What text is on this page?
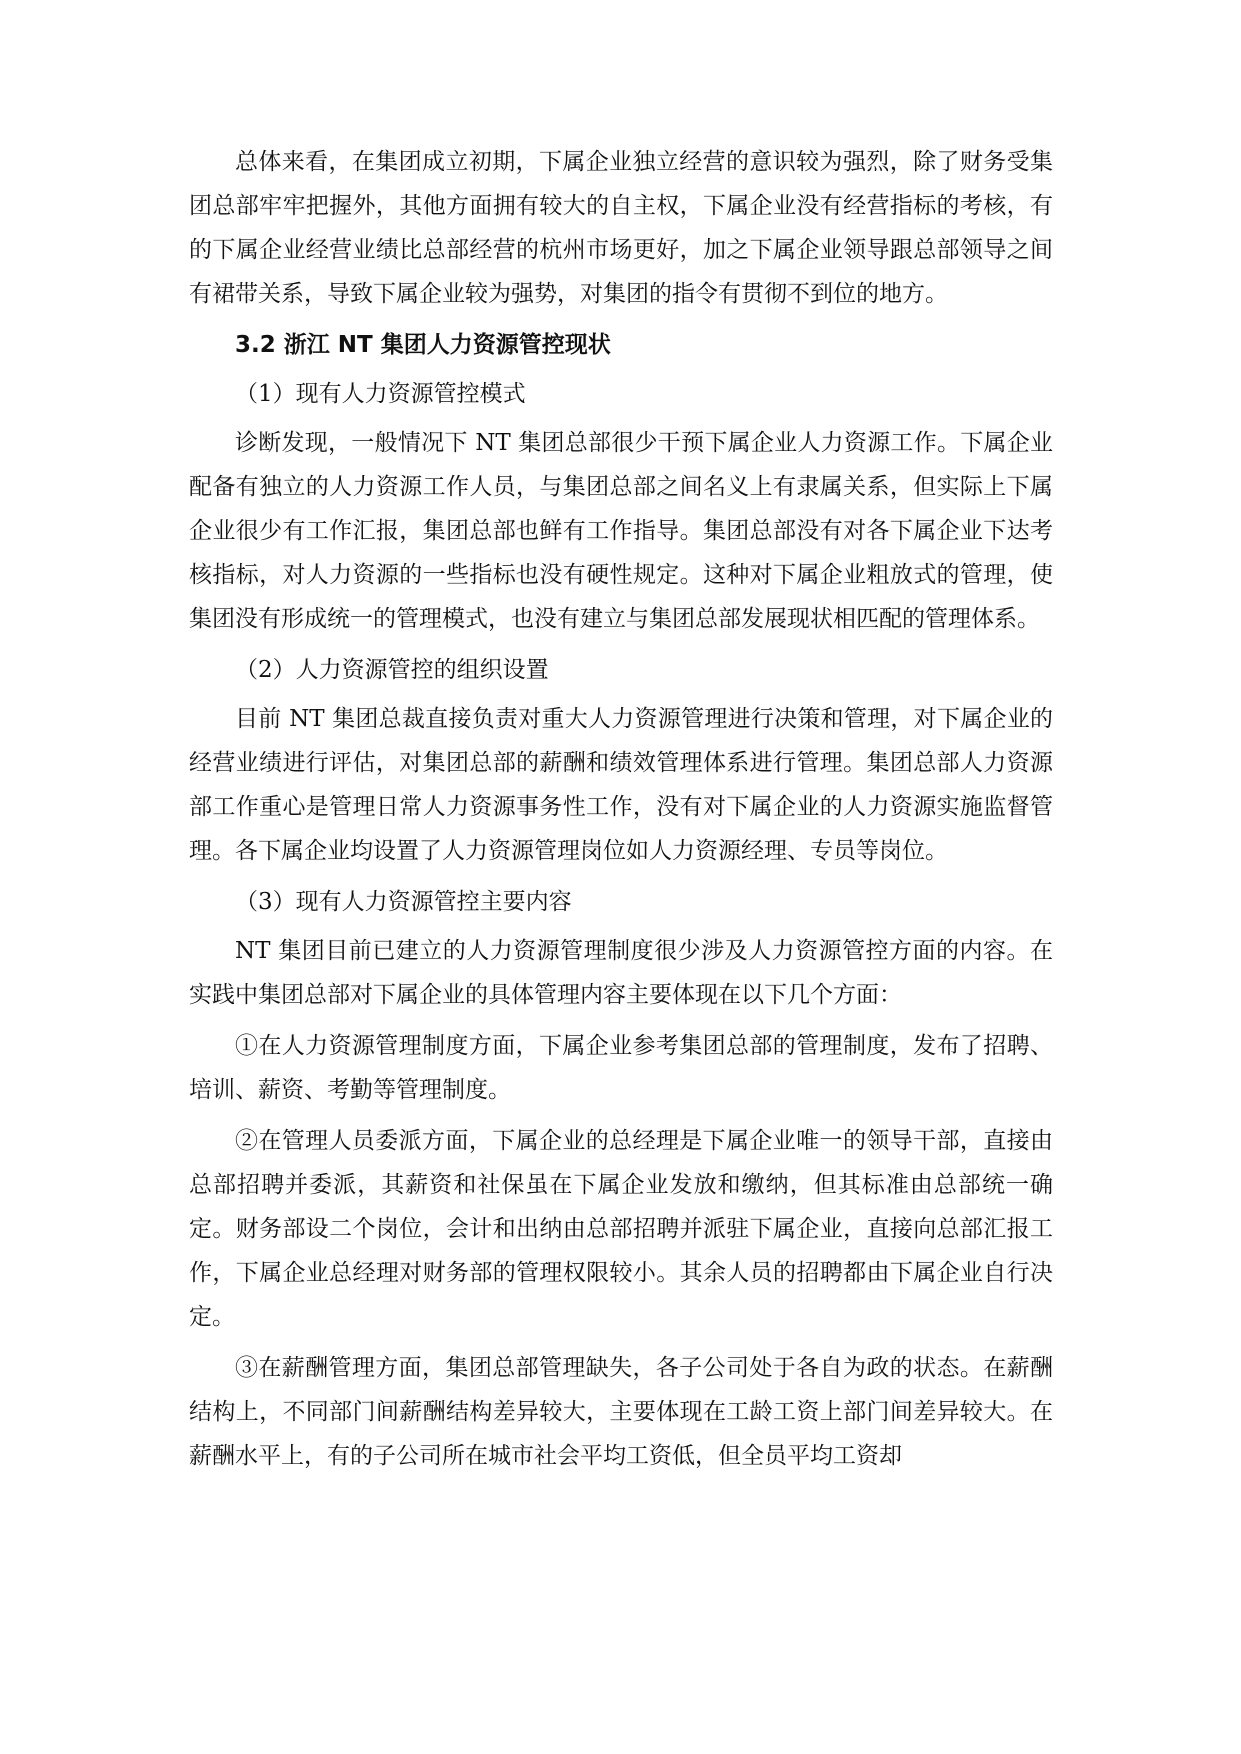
总体来看，在集团成立初期，下属企业独立经营的意识较为强烈，除了财务受集团总部牢牢把握外，其他方面拥有较大的自主权，下属企业没有经营指标的考核，有的下属企业经营业绩比总部经营的杭州市场更好，加之下属企业领导跟总部领导之间有裙带关系，导致下属企业较为强势，对集团的指令有贯彻不到位的地方。

3.2 浙江 NT 集团人力资源管控现状
（1）现有人力资源管控模式

诊断发现，一般情况下 NT 集团总部很少干预下属企业人力资源工作。下属企业配备有独立的人力资源工作人员，与集团总部之间名义上有隶属关系，但实际上下属企业很少有工作汇报，集团总部也鲜有工作指导。集团总部没有对各下属企业下达考核指标，对人力资源的一些指标也没有硬性规定。这种对下属企业粗放式的管理，使集团没有形成统一的管理模式，也没有建立与集团总部发展现状相匹配的管理体系。

（2）人力资源管控的组织设置

目前 NT 集团总裁直接负责对重大人力资源管理进行决策和管理，对下属企业的经营业绩进行评估，对集团总部的薪酬和绩效管理体系进行管理。集团总部人力资源部工作重心是管理日常人力资源事务性工作，没有对下属企业的人力资源实施监督管理。各下属企业均设置了人力资源管理岗位如人力资源经理、专员等岗位。

（3）现有人力资源管控主要内容

NT 集团目前已建立的人力资源管理制度很少涉及人力资源管控方面的内容。在实践中集团总部对下属企业的具体管理内容主要体现在以下几个方面：

①在人力资源管理制度方面，下属企业参考集团总部的管理制度，发布了招聘、培训、薪资、考勤等管理制度。

②在管理人员委派方面，下属企业的总经理是下属企业唯一的领导干部，直接由总部招聘并委派，其薪资和社保虽在下属企业发放和缴纳，但其标准由总部统一确定。财务部设二个岗位，会计和出纳由总部招聘并派驻下属企业，直接向总部汇报工作，下属企业总经理对财务部的管理权限较小。其余人员的招聘都由下属企业自行决定。

③在薪酬管理方面，集团总部管理缺失，各子公司处于各自为政的状态。在薪酬结构上，不同部门间薪酬结构差异较大，主要体现在工龄工资上部门间差异较大。在薪酬水平上，有的子公司所在城市社会平均工资低，但全员平均工资却
